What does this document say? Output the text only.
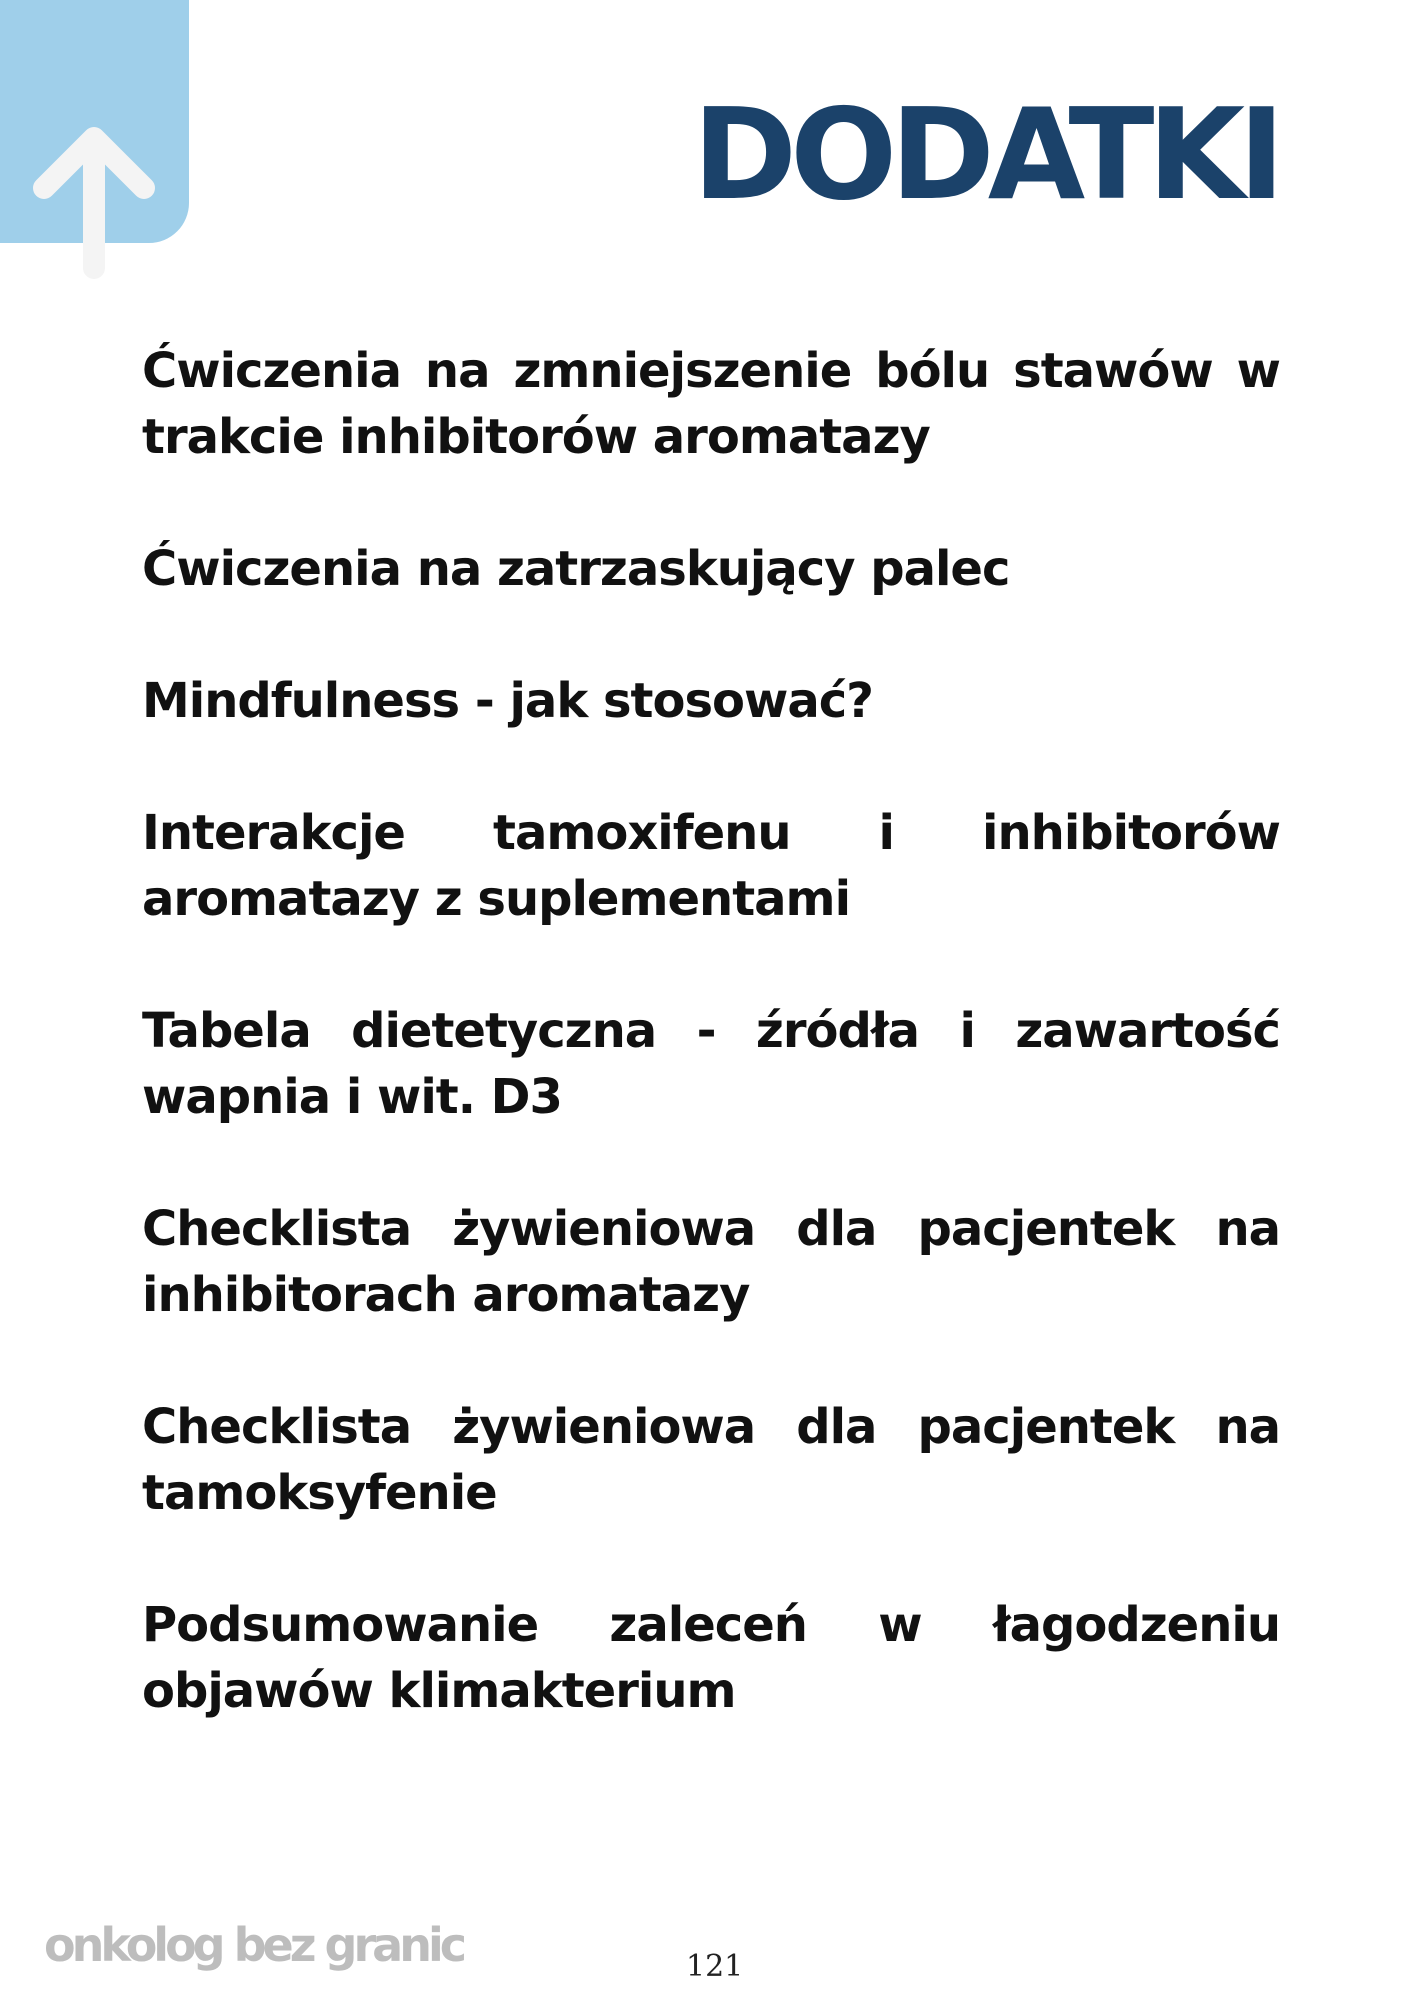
DODATKI
Ćwiczenia na zmniejszenie bólu stawów w trakcie inhibitorów aromatazy
Ćwiczenia na zatrzaskujący palec
Mindfulness - jak stosować?
Interakcje tamoxifenu i inhibitorów aromatazy z suplementami
Tabela dietetyczna - źródła i zawartość wapnia i wit. D3
Checklista żywieniowa dla pacjentek na inhibitorach aromatazy
Checklista żywieniowa dla pacjentek na tamoksyfenie
Podsumowanie zaleceń w łagodzeniu objawów klimakterium
onkolog bez granic	121
